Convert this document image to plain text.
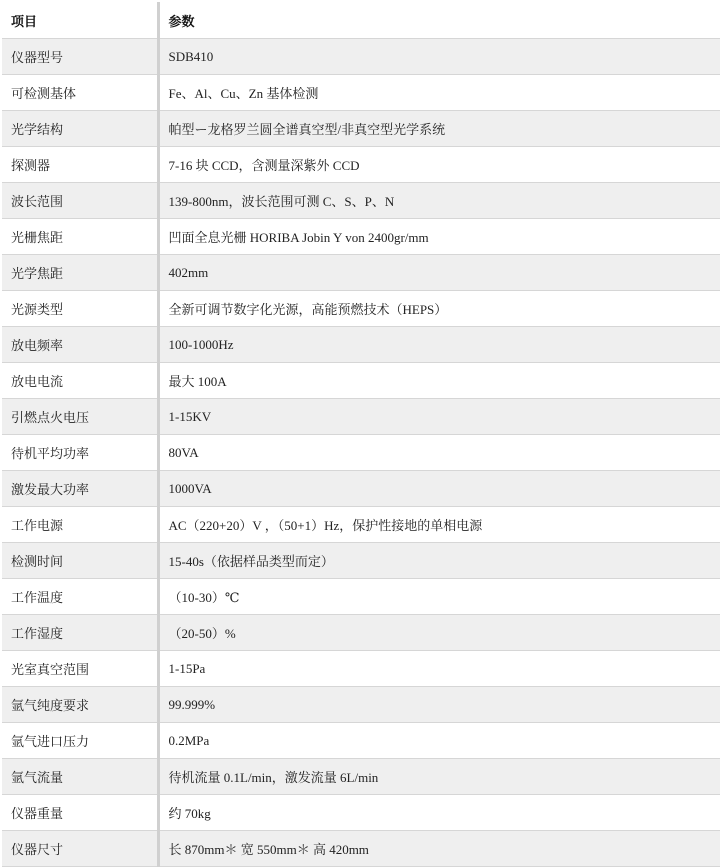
项目	参数
仪器型号	SDB410
可检测基体	Fe、Al、Cu、Zn 基体检测
光学结构	帕型ー龙格罗兰圆全谱真空型/非真空型光学系统
探测器	7-16 块 CCD，含测量深紫外 CCD
波长范围	139-800nm，波长范围可测 C、S、P、N
光栅焦距	凹面全息光栅 HORIBA Jobin Y von 2400gr/mm
光学焦距	402mm
光源类型	全新可调节数字化光源，高能预燃技术（HEPS）
放电频率	100-1000Hz
放电电流	最大 100A
引燃点火电压	1-15KV
待机平均功率	80VA
激发最大功率	1000VA
工作电源	AC（220+20）V ，（50+1）Hz，保护性接地的单相电源
检测时间	15-40s（依据样品类型而定）
工作温度	（10-30）℃
工作湿度	（20-50）%
光室真空范围	1-15Pa
氩气纯度要求	99.999%
氩气进口压力	0.2MPa
氩气流量	待机流量 0.1L/min，激发流量 6L/min
仪器重量	约 70kg
仪器尺寸	长 870mm＊ 宽 550mm＊ 高 420mm
